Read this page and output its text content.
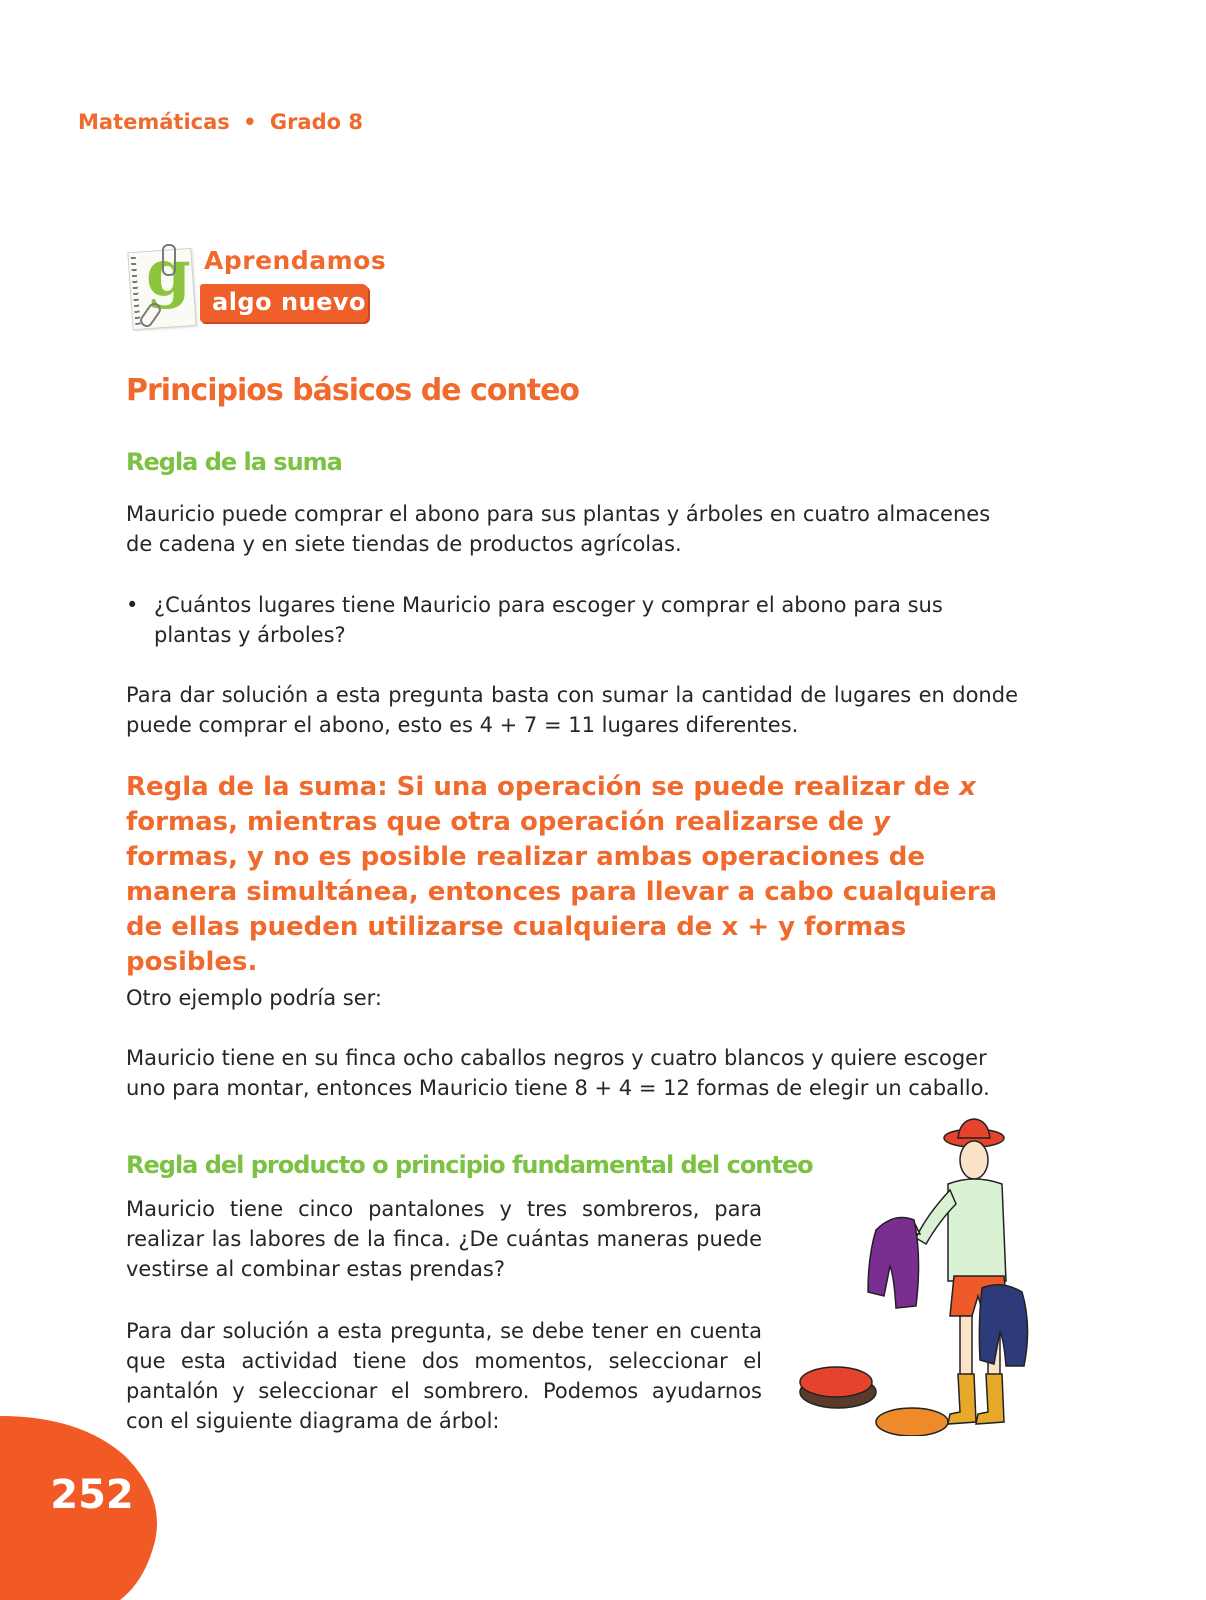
Matemáticas • Grado 8
g Aprendamos
algo nuevo
Principios básicos de conteo
Regla de la suma

Mauricio puede comprar el abono para sus plantas y árboles en cuatro almacenes de cadena y en siete tiendas de productos agrícolas.

• ¿Cuántos lugares tiene Mauricio para escoger y comprar el abono para sus plantas y árboles?

Para dar solución a esta pregunta basta con sumar la cantidad de lugares en donde puede comprar el abono, esto es 4 + 7 = 11 lugares diferentes.

Regla de la suma: Si una operación se puede realizar de x formas, mientras que otra operación realizarse de y formas, y no es posible realizar ambas operaciones de manera simultánea, entonces para llevar a cabo cualquiera de ellas pueden utilizarse cualquiera de x + y formas posibles.

Otro ejemplo podría ser:

Mauricio tiene en su finca ocho caballos negros y cuatro blancos y quiere escoger uno para montar, entonces Mauricio tiene 8 + 4 = 12 formas de elegir un caballo.

Regla del producto o principio fundamental del conteo

Mauricio tiene cinco pantalones y tres sombreros, para realizar las labores de la finca. ¿De cuántas maneras puede vestirse al combinar estas prendas?

Para dar solución a esta pregunta, se debe tener en cuenta que esta actividad tiene dos momentos, seleccionar el pantalón y seleccionar el sombrero. Podemos ayudarnos con el siguiente diagrama de árbol:

252
